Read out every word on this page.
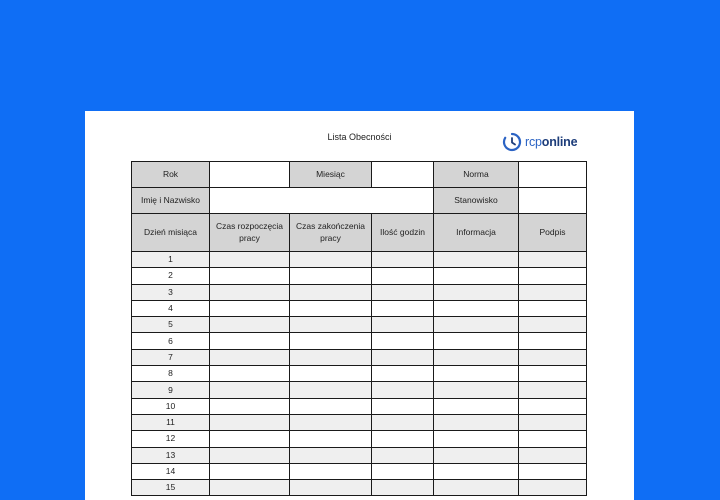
Lista Obecności	rcponline
Rok		Miesiąc		Norma	
Imię i Nazwisko				Stanowisko	
Dzień misiąca	Czas rozpoczęcia pracy	Czas zakończenia pracy	Ilość godzin	Informacja	Podpis
1					
2					
3					
4					
5					
6					
7					
8					
9					
10					
11					
12					
13					
14					
15					
